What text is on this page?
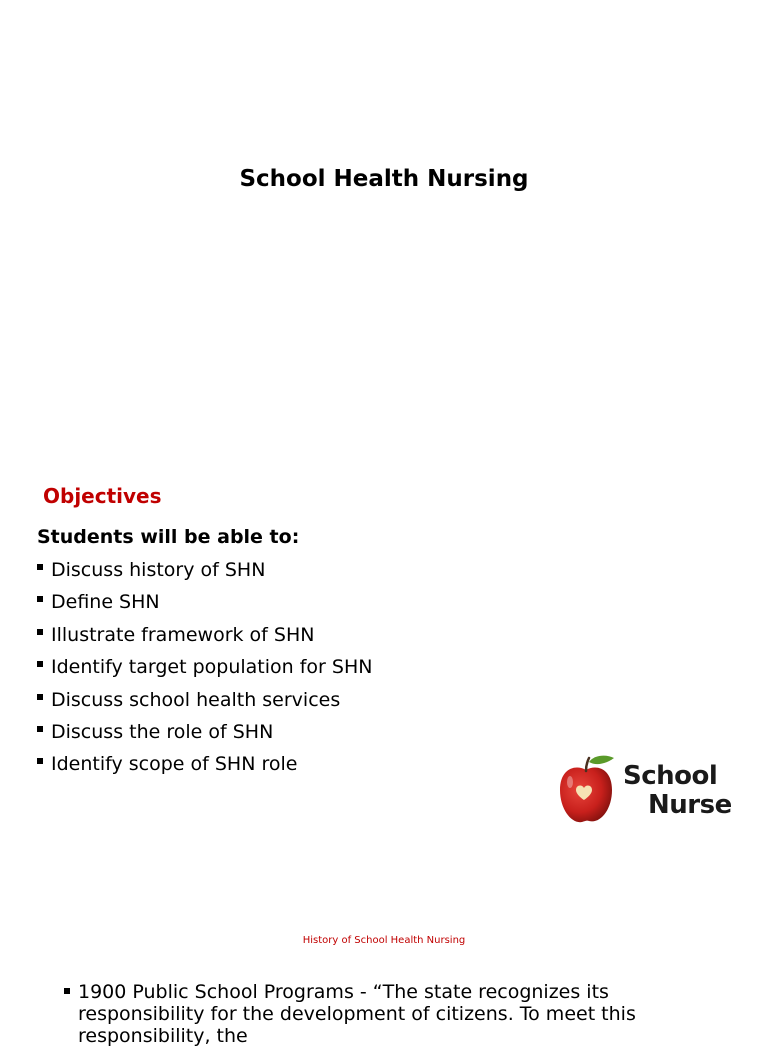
School Health Nursing
Objectives
Students will be able to:
Discuss history of SHN
Define SHN
Illustrate framework of SHN
Identify target population for SHN
Discuss school health services
Discuss the role of SHN
Identify scope of SHN role	School
Nurse
History of School Health Nursing
1900 Public School Programs - “The state recognizes its responsibility for the development of citizens. To meet this responsibility, the
